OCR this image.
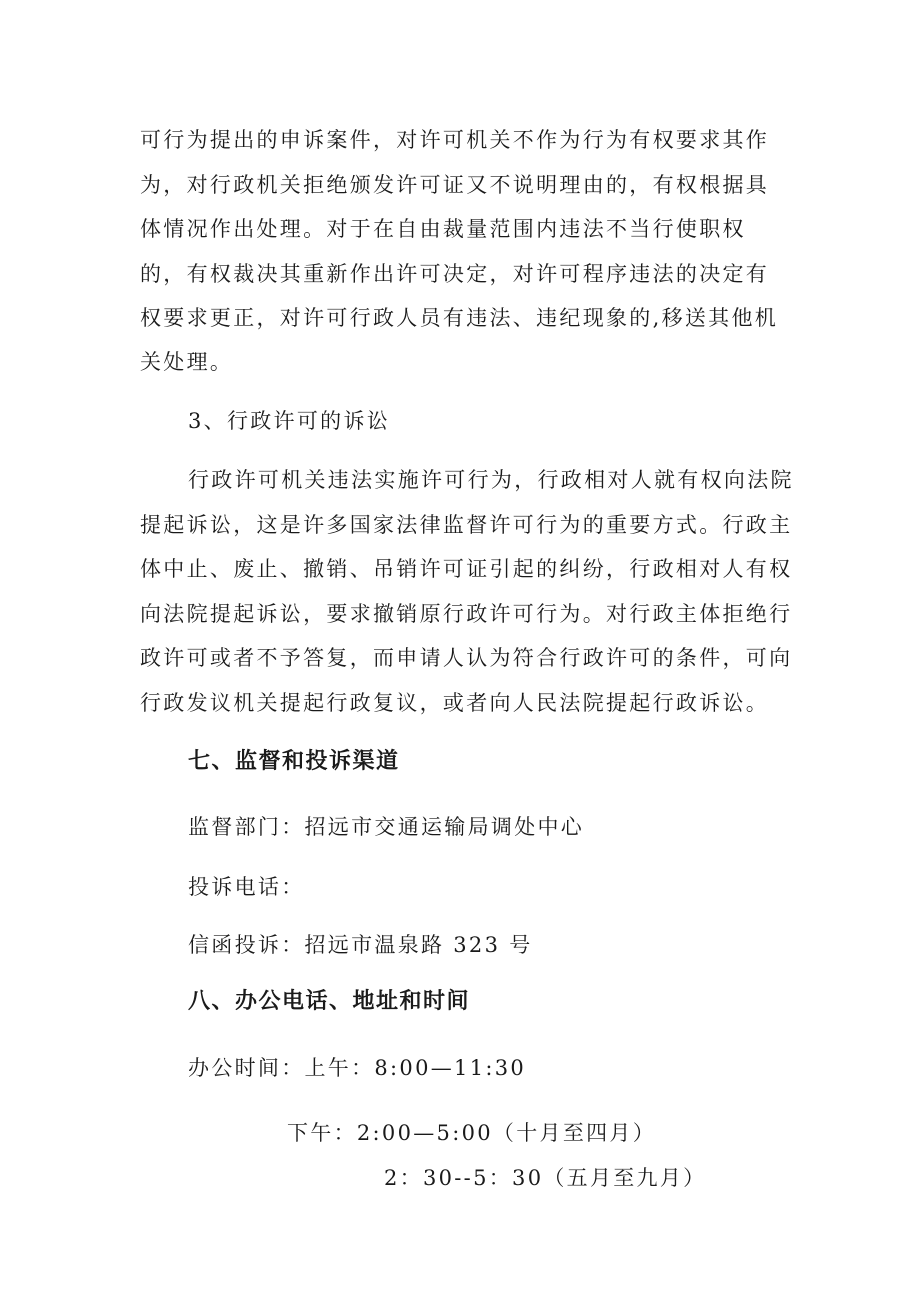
可行为提出的申诉案件，对许可机关不作为行为有权要求其作
为，对行政机关拒绝颁发许可证又不说明理由的，有权根据具
体情况作出处理。对于在自由裁量范围内违法不当行使职权
的，有权裁决其重新作出许可决定，对许可程序违法的决定有
权要求更正，对许可行政人员有违法、违纪现象的,移送其他机
关处理。
3、行政许可的诉讼
行政许可机关违法实施许可行为，行政相对人就有权向法院
提起诉讼，这是许多国家法律监督许可行为的重要方式。行政主
体中止、废止、撤销、吊销许可证引起的纠纷，行政相对人有权
向法院提起诉讼，要求撤销原行政许可行为。对行政主体拒绝行
政许可或者不予答复，而申请人认为符合行政许可的条件，可向
行政发议机关提起行政复议，或者向人民法院提起行政诉讼。
七、监督和投诉渠道
监督部门：招远市交通运输局调处中心
投诉电话：
信函投诉：招远市温泉路 323 号
八、办公电话、地址和时间
办公时间：上午：8:00—11:30
下午：2:00—5:00（十月至四月）
2：30--5：30（五月至九月）
